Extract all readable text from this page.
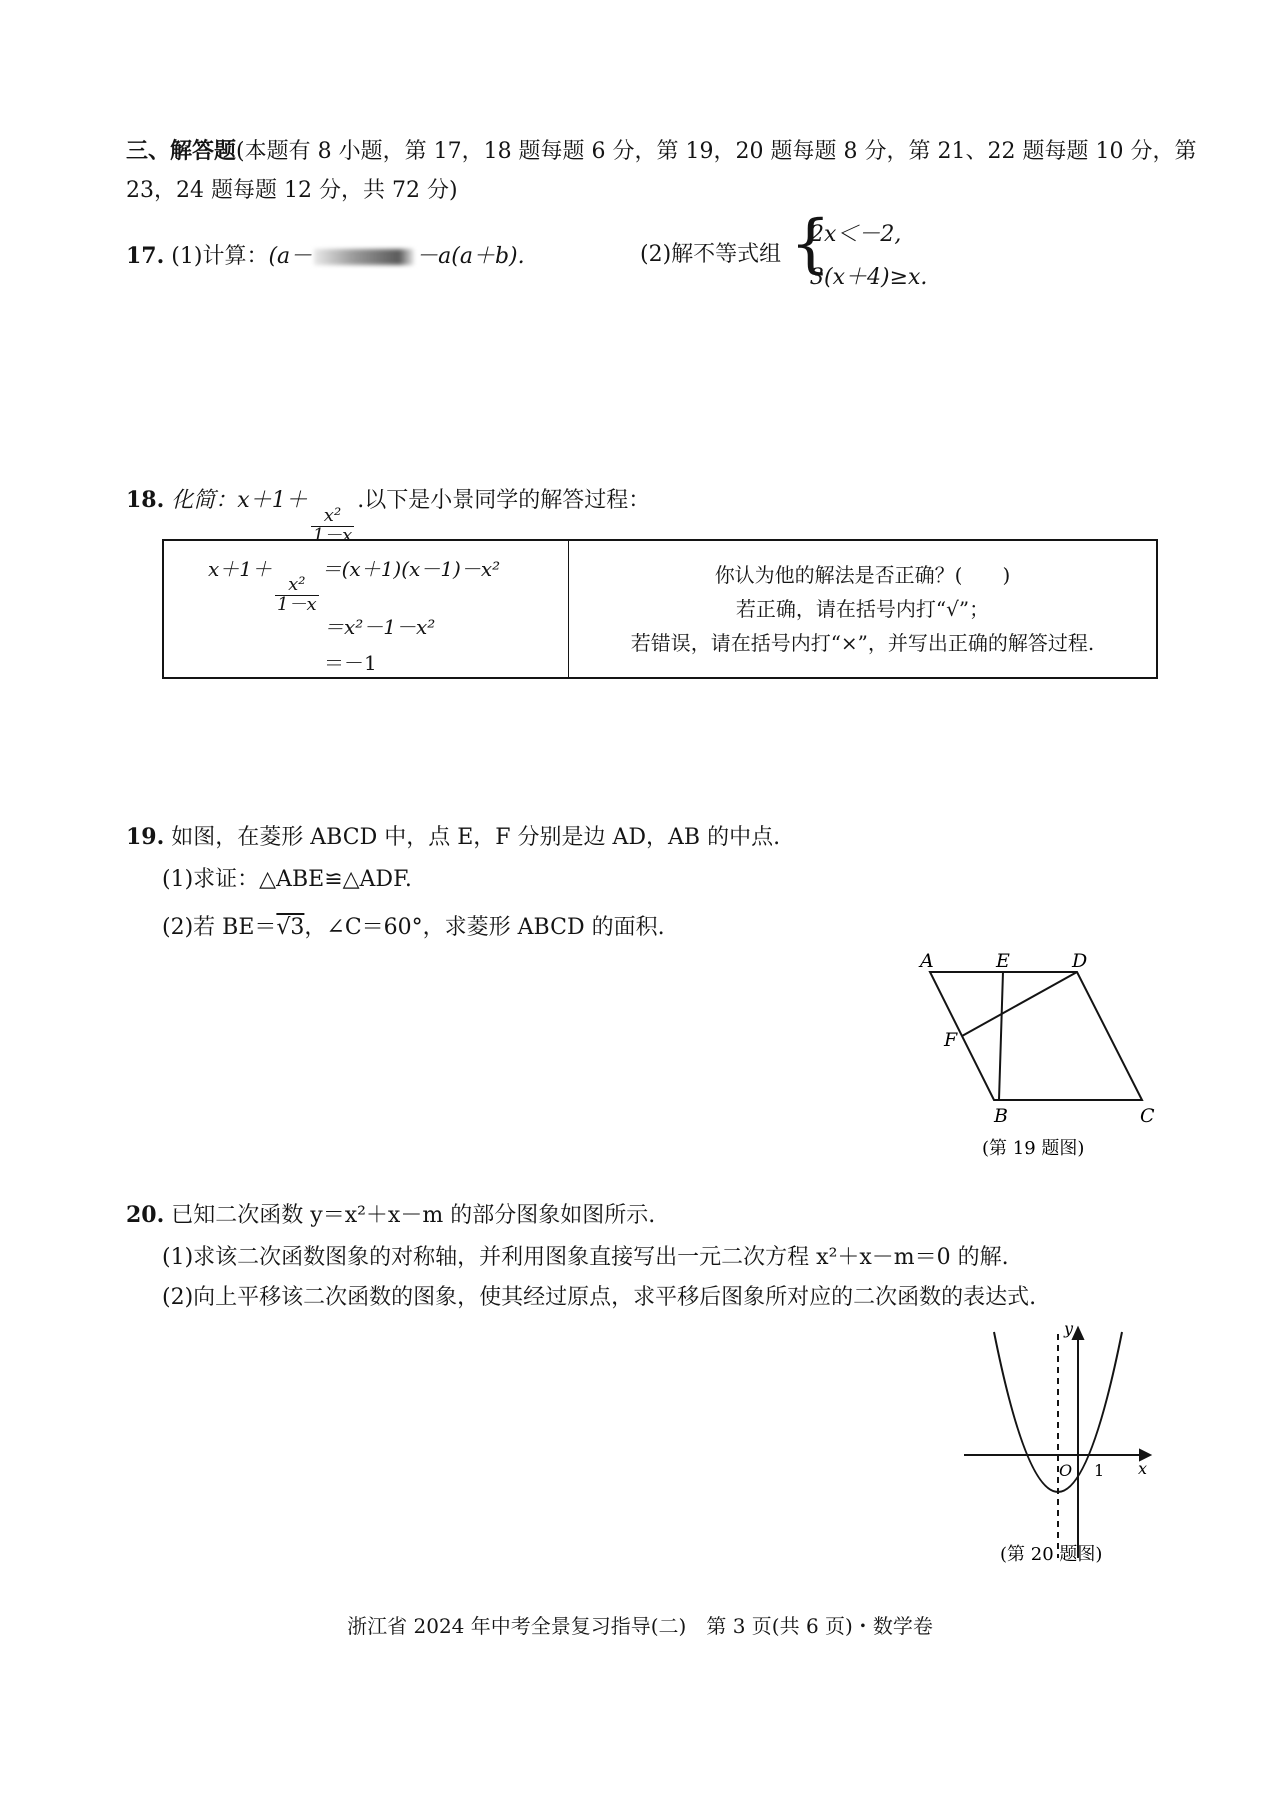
三、解答题(本题有 8 小题，第 17，18 题每题 6 分，第 19，20 题每题 8 分，第 21、22 题每题 10 分，第
23，24 题每题 12 分，共 72 分)
17. (1)计算：(a－	－a(a＋b).	(2)解不等式组 {
2x＜－2,
3(x＋4)≥x.
18. 化简：x＋1＋
$\frac{\text{x²}}{1-x}$
.以下是小景同学的解答过程：
x＋1＋
$\frac{\text{x²}}{1-x}$
＝(x＋1)(x－1)－x²
＝x²－1－x²
＝－1

你认为他的解法是否正确？(　　)
若正确，请在括号内打“√”；
若错误，请在括号内打“×”，并写出正确的解答过程.
19. 如图，在菱形 ABCD 中，点 E，F 分别是边 AD，AB 的中点.
(1)求证：△ABE≌△ADF.
(2)若 BE＝√3，∠C＝60°，求菱形 ABCD 的面积.
A	E	D
F
B	C
(第 19 题图)
20. 已知二次函数 y＝x²＋x－m 的部分图象如图所示.
(1)求该二次函数图象的对称轴，并利用图象直接写出一元二次方程 x²＋x－m＝0 的解.
(2)向上平移该二次函数的图象，使其经过原点，求平移后图象所对应的二次函数的表达式.
y
x
O 1
(第 20 题图)
浙江省 2024 年中考全景复习指导(二)　第 3 页(共 6 页)・数学卷
